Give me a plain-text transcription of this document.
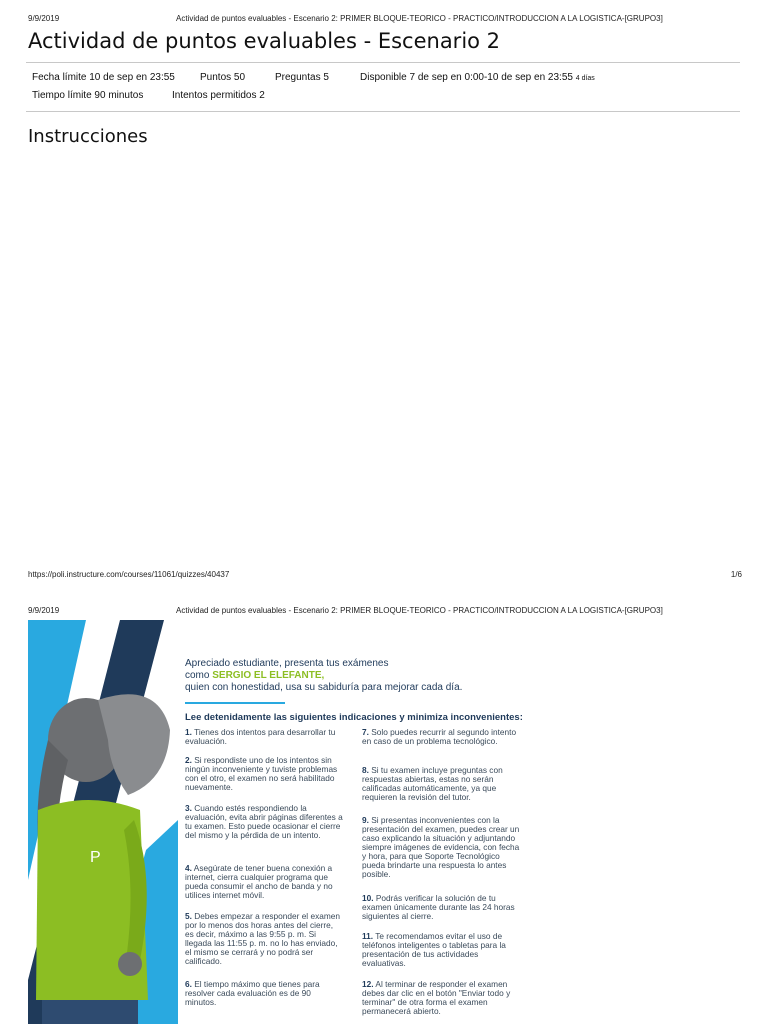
9/9/2019	Actividad de puntos evaluables - Escenario 2: PRIMER BLOQUE-TEORICO - PRACTICO/INTRODUCCION A LA LOGISTICA-[GRUPO3]
Actividad de puntos evaluables - Escenario 2
Fecha límite 10 de sep en 23:55	Puntos 50	Preguntas 5	Disponible 7 de sep en 0:00-10 de sep en 23:55 4 días
Tiempo límite 90 minutos	Intentos permitidos 2
Instrucciones
https://poli.instructure.com/courses/11061/quizzes/40437	1/6
9/9/2019	Actividad de puntos evaluables - Escenario 2: PRIMER BLOQUE-TEORICO - PRACTICO/INTRODUCCION A LA LOGISTICA-[GRUPO3]
P
Apreciado estudiante, presenta tus exámenes
como SERGIO EL ELEFANTE,
quien con honestidad, usa su sabiduría para mejorar cada día.
Lee detenidamente las siguientes indicaciones y minimiza inconvenientes:
1. Tienes dos intentos para desarrollar tu evaluación.
2. Si respondiste uno de los intentos sin ningún inconveniente y tuviste problemas con el otro, el examen no será habilitado nuevamente.
3. Cuando estés respondiendo la evaluación, evita abrir páginas diferentes a tu examen. Esto puede ocasionar el cierre del mismo y la pérdida de un intento.
4. Asegúrate de tener buena conexión a internet, cierra cualquier programa que pueda consumir el ancho de banda y no utilices internet móvil.
5. Debes empezar a responder el examen por lo menos dos horas antes del cierre, es decir, máximo a las 9:55 p. m. Si llegada las 11:55 p. m. no lo has enviado, el mismo se cerrará y no podrá ser calificado.
6. El tiempo máximo que tienes para resolver cada evaluación es de 90 minutos.
7. Solo puedes recurrir al segundo intento en caso de un problema tecnológico.
8. Si tu examen incluye preguntas con respuestas abiertas, estas no serán calificadas automáticamente, ya que requieren la revisión del tutor.
9. Si presentas inconvenientes con la presentación del examen, puedes crear un caso explicando la situación y adjuntando siempre imágenes de evidencia, con fecha y hora, para que Soporte Tecnológico pueda brindarte una respuesta lo antes posible.
10. Podrás verificar la solución de tu examen únicamente durante las 24 horas siguientes al cierre.
11. Te recomendamos evitar el uso de teléfonos inteligentes o tabletas para la presentación de tus actividades evaluativas.
12. Al terminar de responder el examen debes dar clic en el botón "Enviar todo y terminar" de otra forma el examen permanecerá abierto.
